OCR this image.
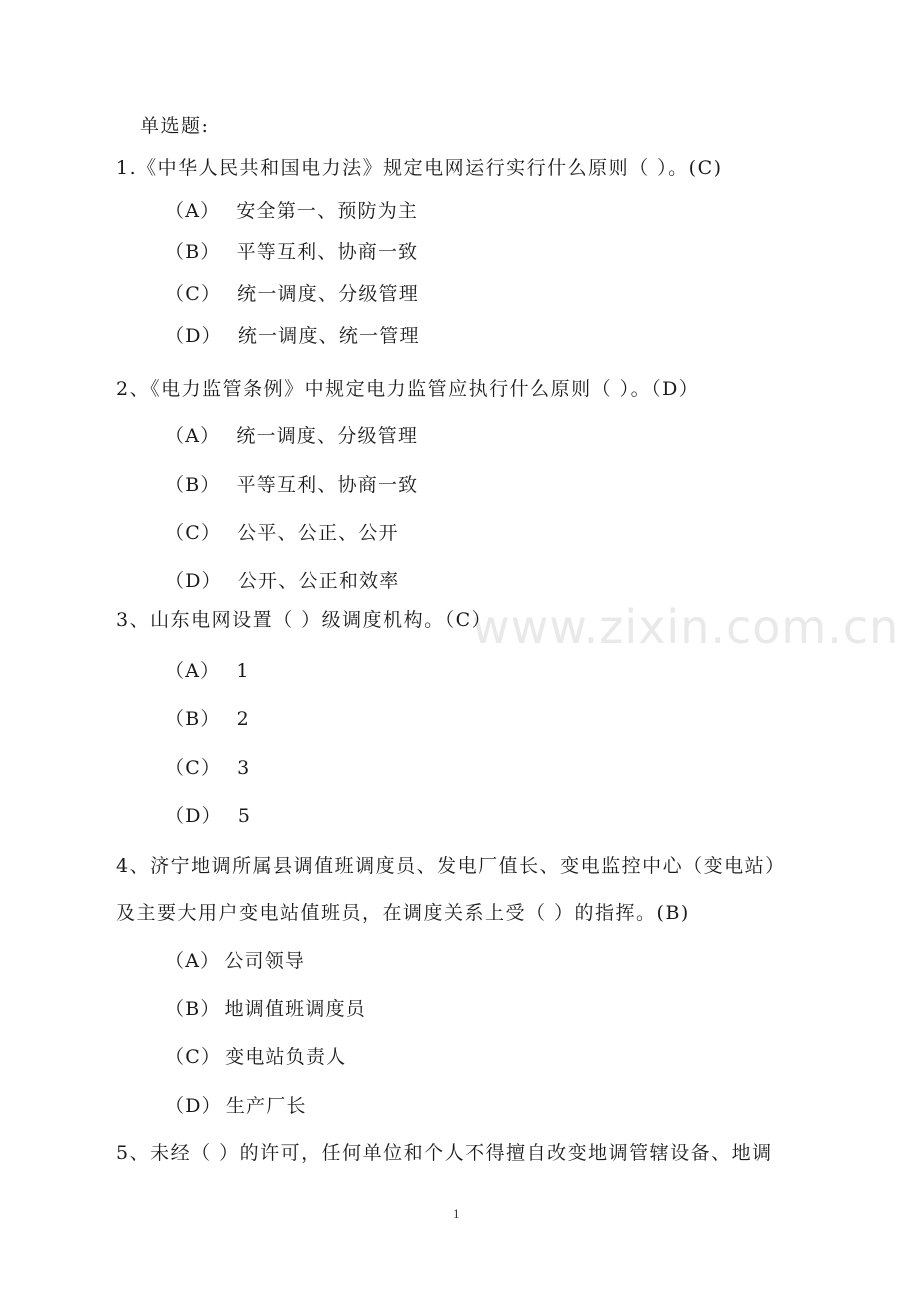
www.zixin.com.cn
单选题:
1.《中华人民共和国电力法》规定电网运行实行什么原则（ ）。(C)
（A） 安全第一、预防为主
（B） 平等互利、协商一致
（C） 统一调度、分级管理
（D） 统一调度、统一管理
2、《电力监管条例》中规定电力监管应执行什么原则（ ）。（D）
（A） 统一调度、分级管理
（B） 平等互利、协商一致
（C） 公平、公正、公开
（D） 公开、公正和效率
3、山东电网设置（ ）级调度机构。（C）
（A） 1
（B） 2
（C） 3
（D） 5
4、济宁地调所属县调值班调度员、发电厂值长、变电监控中心（变电站）
及主要大用户变电站值班员，在调度关系上受（ ）的指挥。(B)
（A） 公司领导
（B） 地调值班调度员
（C） 变电站负责人
（D） 生产厂长
5、未经（ ）的许可，任何单位和个人不得擅自改变地调管辖设备、地调
1
